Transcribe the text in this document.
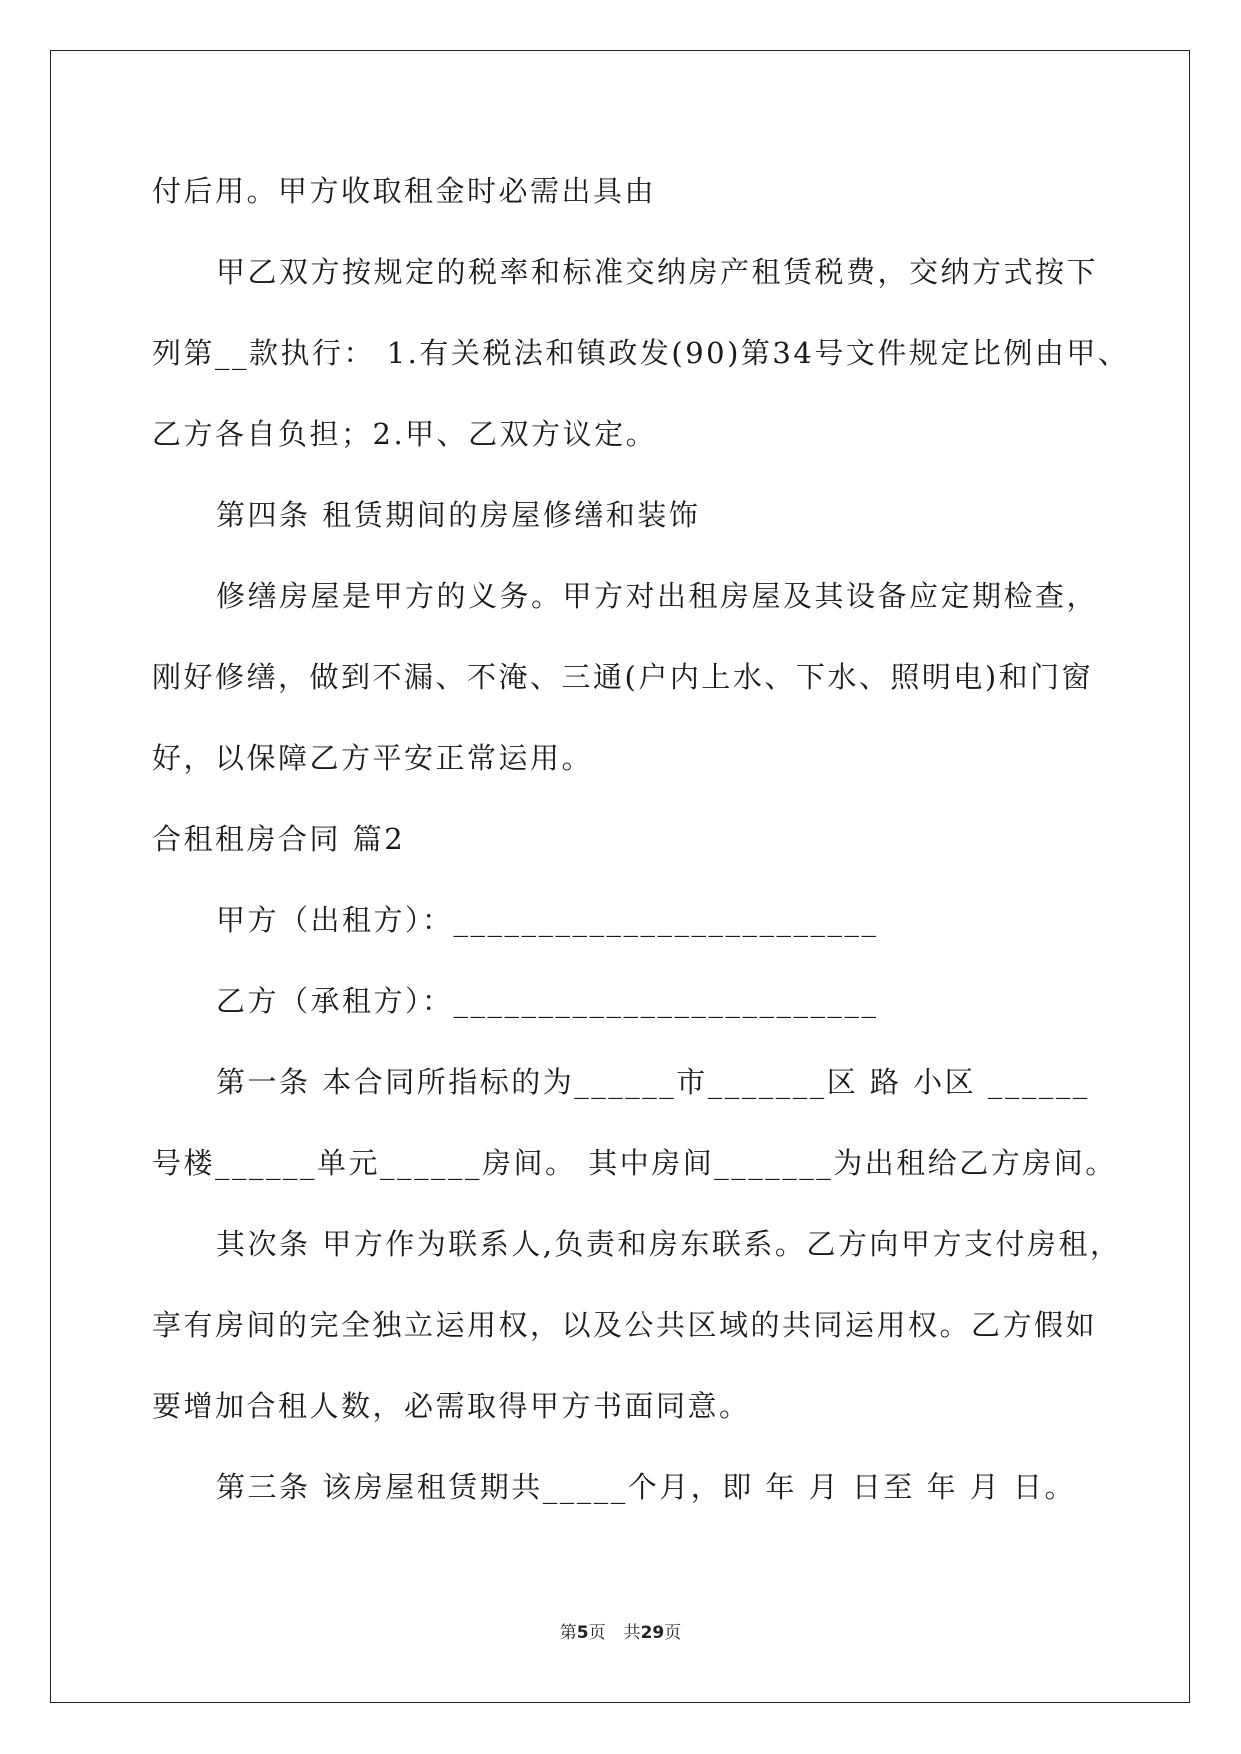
付后用。甲方收取租金时必需出具由
甲乙双方按规定的税率和标准交纳房产租赁税费，交纳方式按下
列第__款执行： 1.有关税法和镇政发(90)第34号文件规定比例由甲、
乙方各自负担；2.甲、乙双方议定。
第四条 租赁期间的房屋修缮和装饰
修缮房屋是甲方的义务。甲方对出租房屋及其设备应定期检查，
刚好修缮，做到不漏、不淹、三通(户内上水、下水、照明电)和门窗
好，以保障乙方平安正常运用。
合租租房合同 篇2
甲方（出租方）：_________________________
乙方（承租方）：_________________________
第一条 本合同所指标的为______市_______区 路 小区 ______
号楼______单元______房间。 其中房间_______为出租给乙方房间。
其次条 甲方作为联系人,负责和房东联系。乙方向甲方支付房租，
享有房间的完全独立运用权，以及公共区域的共同运用权。乙方假如
要增加合租人数，必需取得甲方书面同意。
第三条 该房屋租赁期共_____个月，即 年 月 日至 年 月 日。
第5页 共29页
